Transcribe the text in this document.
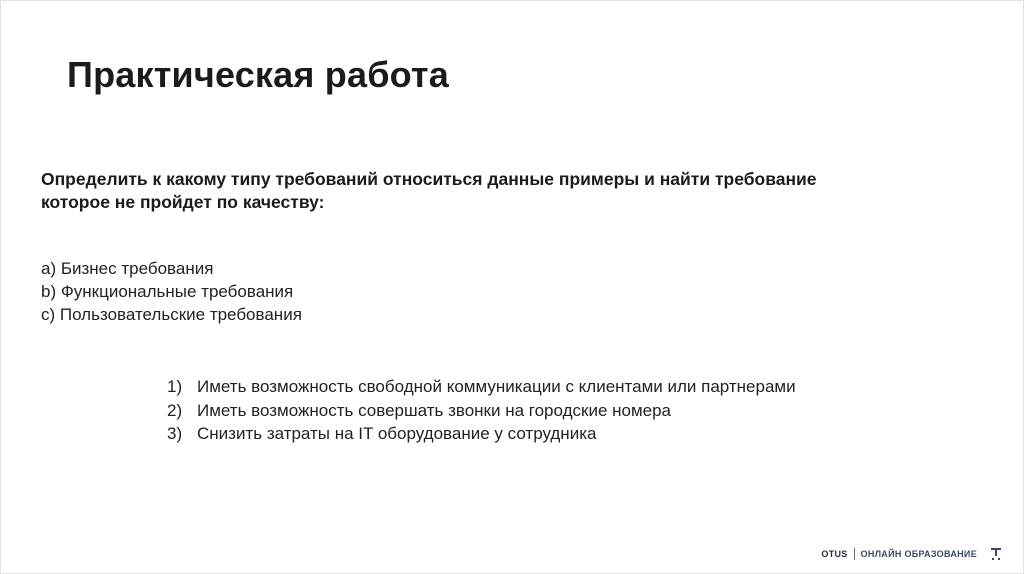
Практическая работа
Определить к какому типу требований относиться данные примеры и найти требование
которое не пройдет по качеству:
a) Бизнес требования
b) Функциональные требования
c) Пользовательские требования
1) Иметь возможность свободной коммуникации с клиентами или партнерами
2) Иметь возможность совершать звонки на городские номера
3) Снизить затраты на IT оборудование у сотрудника
OTUS ОНЛАЙН ОБРАЗОВАНИЕ
